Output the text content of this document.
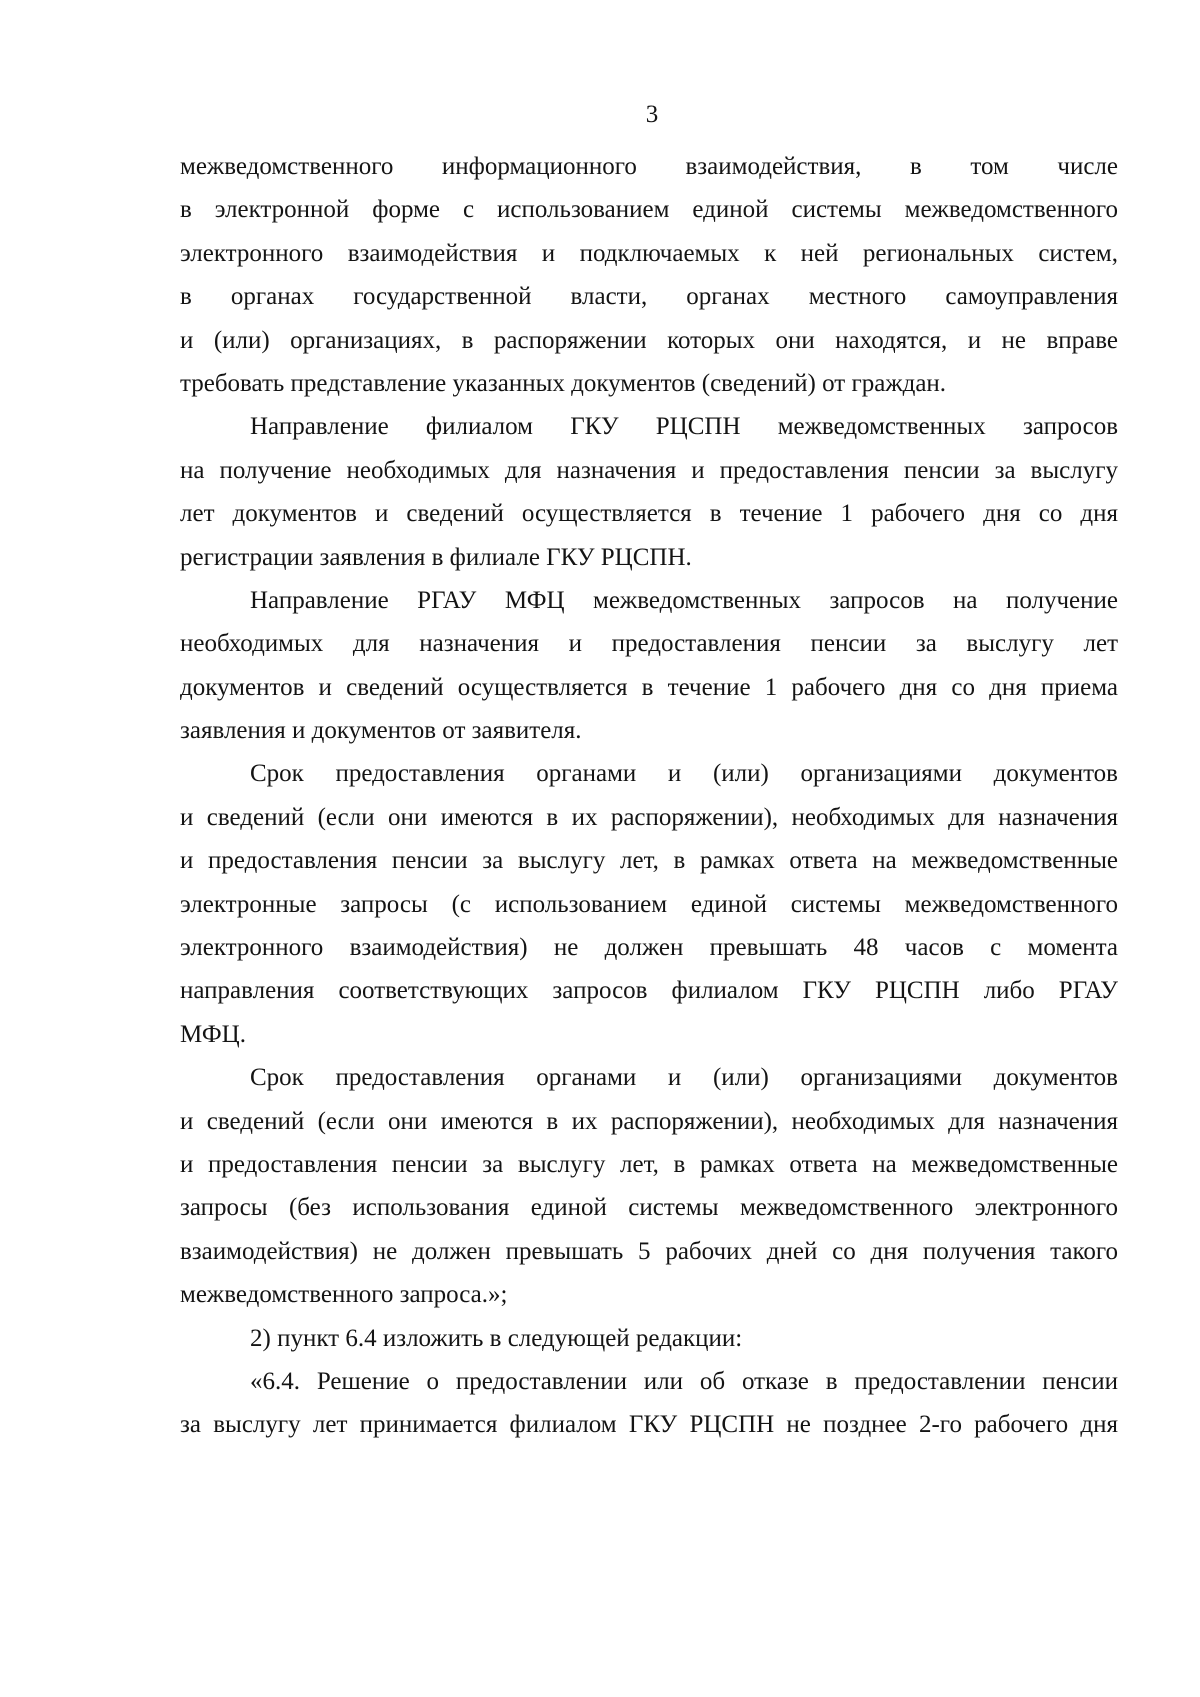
3
межведомственного информационного взаимодействия, в том числе
в электронной форме с использованием единой системы межведомственного
электронного взаимодействия и подключаемых к ней региональных систем,
в органах государственной власти, органах местного самоуправления
и (или) организациях, в распоряжении которых они находятся, и не вправе
требовать представление указанных документов (сведений) от граждан.
Направление филиалом ГКУ РЦСПН межведомственных запросов
на получение необходимых для назначения и предоставления пенсии за выслугу
лет документов и сведений осуществляется в течение 1 рабочего дня со дня
регистрации заявления в филиале ГКУ РЦСПН.
Направление РГАУ МФЦ межведомственных запросов на получение
необходимых для назначения и предоставления пенсии за выслугу лет
документов и сведений осуществляется в течение 1 рабочего дня со дня приема
заявления и документов от заявителя.
Срок предоставления органами и (или) организациями документов
и сведений (если они имеются в их распоряжении), необходимых для назначения
и предоставления пенсии за выслугу лет, в рамках ответа на межведомственные
электронные запросы (с использованием единой системы межведомственного
электронного взаимодействия) не должен превышать 48 часов с момента
направления соответствующих запросов филиалом ГКУ РЦСПН либо РГАУ
МФЦ.
Срок предоставления органами и (или) организациями документов
и сведений (если они имеются в их распоряжении), необходимых для назначения
и предоставления пенсии за выслугу лет, в рамках ответа на межведомственные
запросы (без использования единой системы межведомственного электронного
взаимодействия) не должен превышать 5 рабочих дней со дня получения такого
межведомственного запроса.»;
2) пункт 6.4 изложить в следующей редакции:
«6.4. Решение о предоставлении или об отказе в предоставлении пенсии
за выслугу лет принимается филиалом ГКУ РЦСПН не позднее 2-го рабочего дня
